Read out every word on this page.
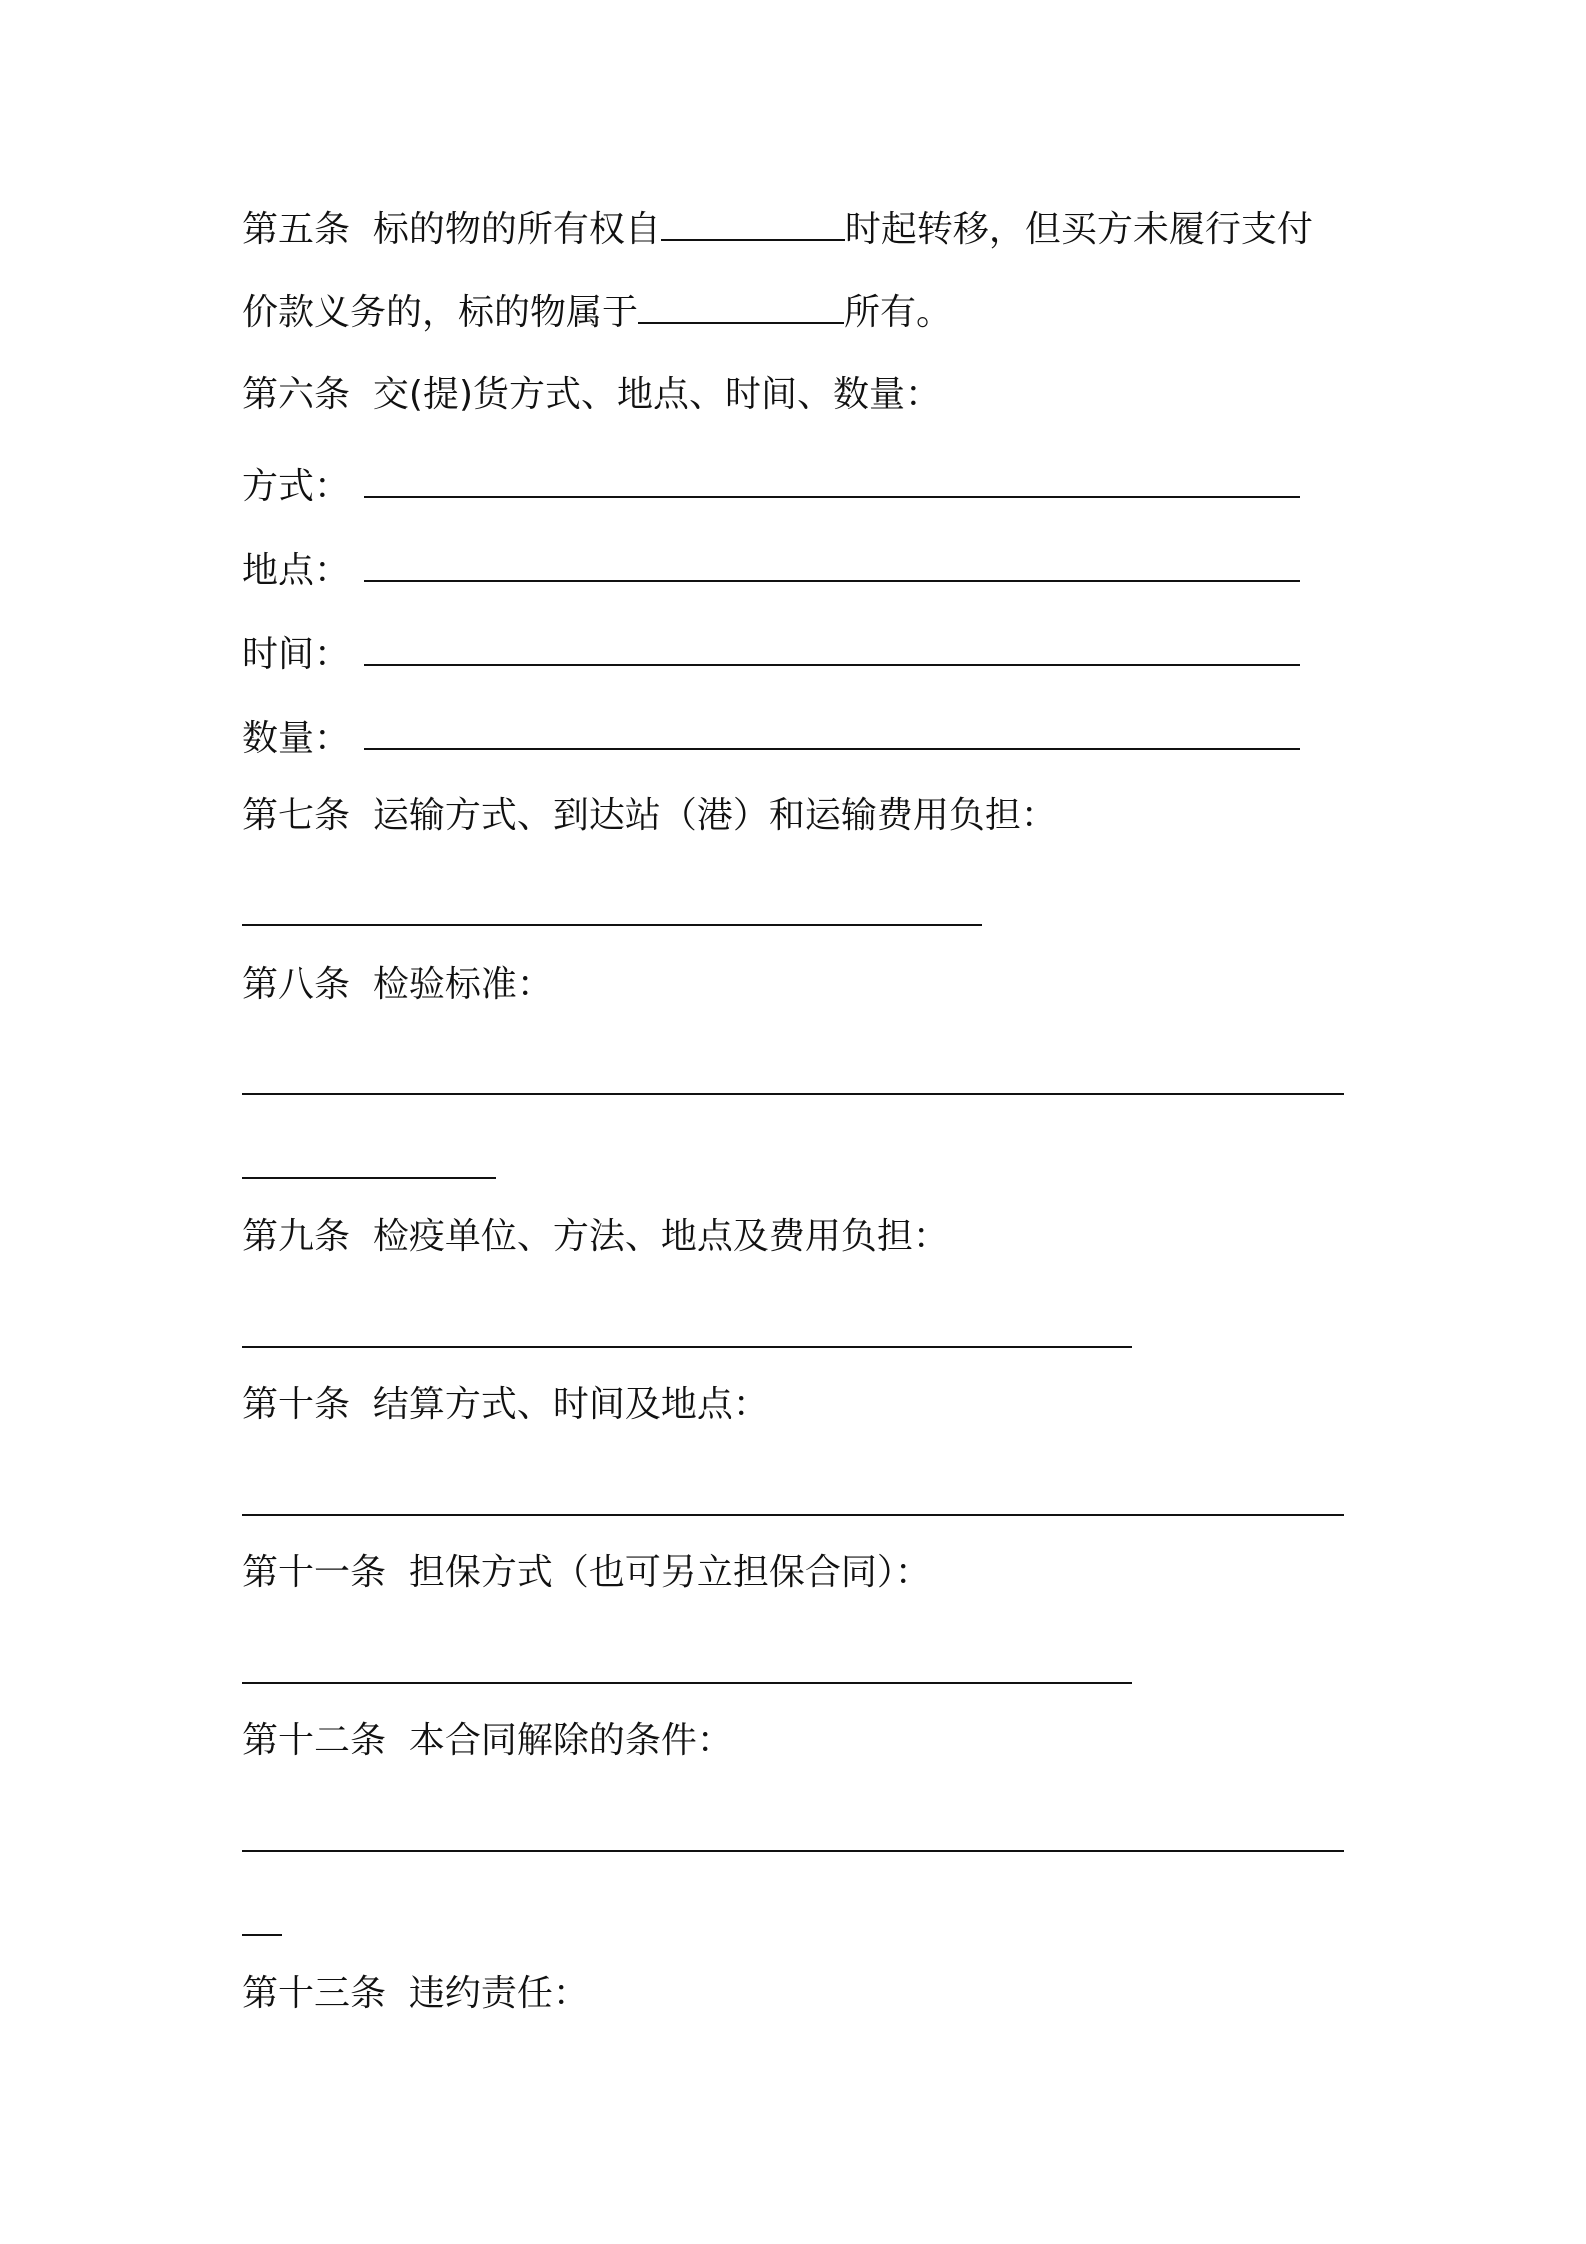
第五条 标的物的所有权自	时起转移，但买方未履行支付
价款义务的，标的物属于	所有。
第六条 交(提)货方式、地点、时间、数量：
方式：
地点：
时间：
数量：
第七条 运输方式、到达站（港）和运输费用负担：
第八条 检验标准：
第九条 检疫单位、方法、地点及费用负担：
第十条 结算方式、时间及地点：
第十一条 担保方式（也可另立担保合同）：
第十二条 本合同解除的条件：
第十三条 违约责任：
